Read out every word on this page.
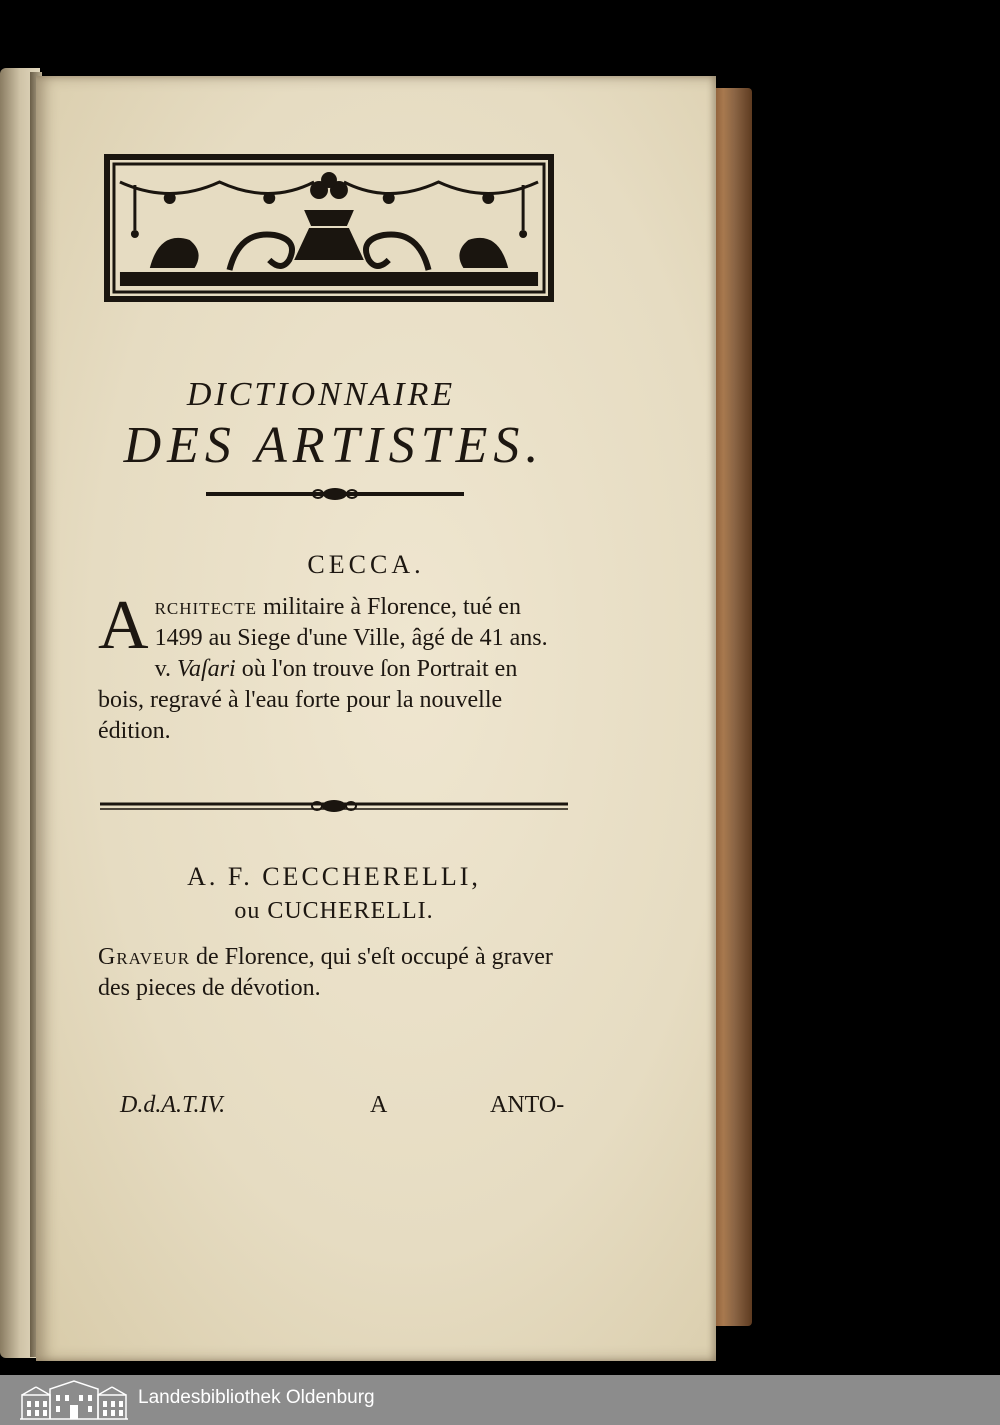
DICTIONNAIRE
DES ARTISTES.
CECCA.
Architecte militaire à Florence, tué en 1499 au Siege d'une Ville, âgé de 41 ans. v. Vaſari où l'on trouve ſon Portrait en bois, regravé à l'eau forte pour la nouvelle édition.
A. F. CECCHERELLI,
ou CUCHERELLI.
Graveur de Florence, qui s'eſt occupé à graver des pieces de dévotion.
D.d.A.T.IV.	A	ANTO-
Landesbibliothek Oldenburg
